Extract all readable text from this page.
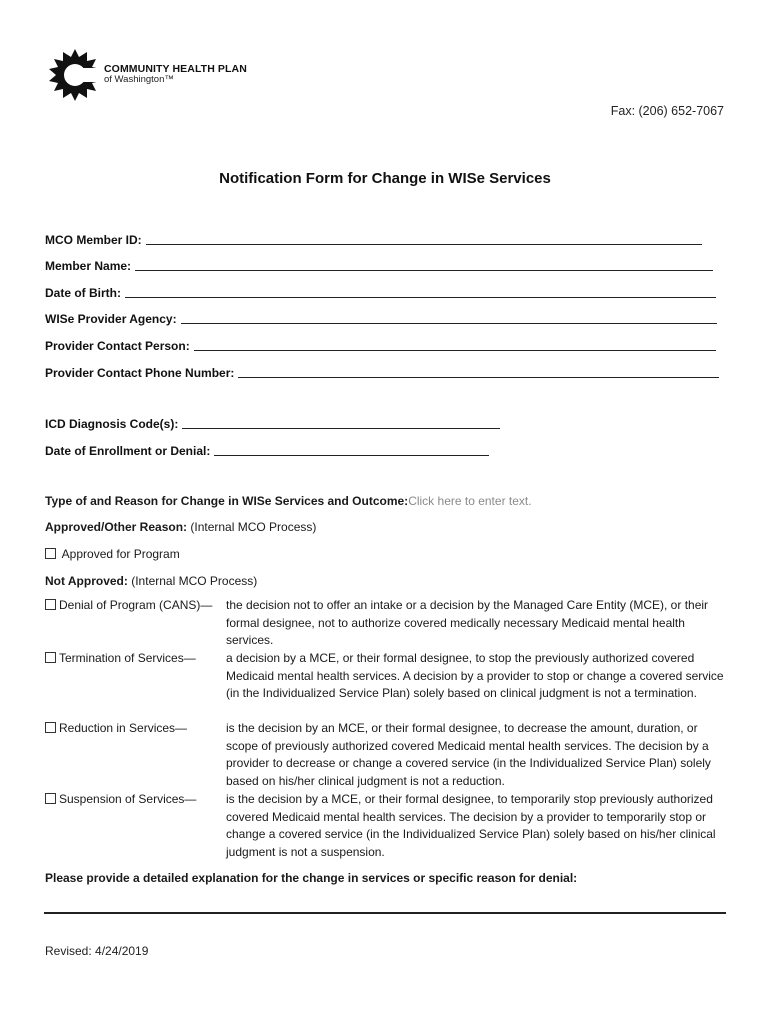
COMMUNITY HEALTH PLAN
of Washington™
Fax: (206) 652-7067
Notification Form for Change in WISe Services
MCO Member ID:
Member Name:
Date of Birth:
WISe Provider Agency:
Provider Contact Person:
Provider Contact Phone Number:
ICD Diagnosis Code(s):
Date of Enrollment or Denial:
Type of and Reason for Change in WISe Services and Outcome:Click here to enter text.
Approved/Other Reason: (Internal MCO Process)
Approved for Program
Not Approved: (Internal MCO Process)
Denial of Program (CANS)— the decision not to offer an intake or a decision by the Managed Care Entity (MCE), or their formal designee, not to authorize covered medically necessary Medicaid mental health services.
Termination of Services—	a decision by a MCE, or their formal designee, to stop the previously authorized covered Medicaid mental health services. A decision by a provider to stop or change a covered service (in the Individualized Service Plan) solely based on clinical judgment is not a termination.
Reduction in Services—	is the decision by an MCE, or their formal designee, to decrease the amount, duration, or scope of previously authorized covered Medicaid mental health services. The decision by a provider to decrease or change a covered service (in the Individualized Service Plan) solely based on his/her clinical judgment is not a reduction.
Suspension of Services— is the decision by a MCE, or their formal designee, to temporarily stop previously authorized covered Medicaid mental health services. The decision by a provider to temporarily stop or change a covered service (in the Individualized Service Plan) solely based on his/her clinical judgment is not a suspension.
Please provide a detailed explanation for the change in services or specific reason for denial:
Revised: 4/24/2019
